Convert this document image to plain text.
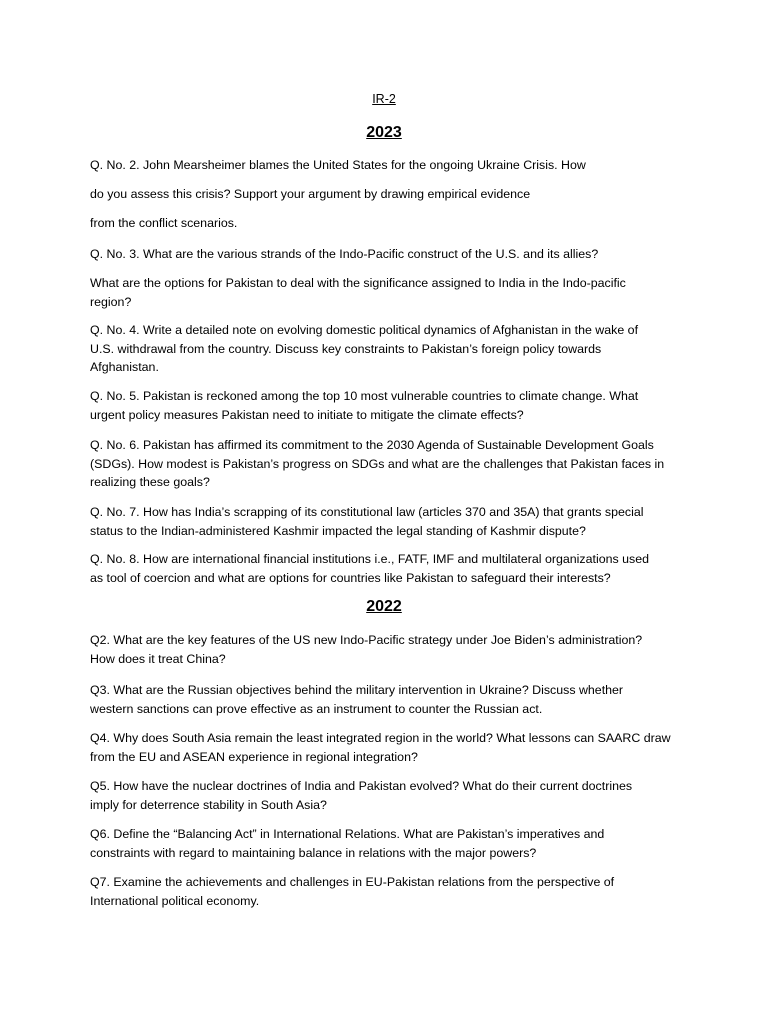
IR-2
2023
Q. No. 2. John Mearsheimer blames the United States for the ongoing Ukraine Crisis. How
do you assess this crisis? Support your argument by drawing empirical evidence
from the conflict scenarios.
Q. No. 3. What are the various strands of the Indo-Pacific construct of the U.S. and its allies?
What are the options for Pakistan to deal with the significance assigned to India in the Indo-pacific
region?
Q. No. 4. Write a detailed note on evolving domestic political dynamics of Afghanistan in the wake of
U.S. withdrawal from the country. Discuss key constraints to Pakistan’s foreign policy towards
Afghanistan.
Q. No. 5. Pakistan is reckoned among the top 10 most vulnerable countries to climate change. What
urgent policy measures Pakistan need to initiate to mitigate the climate effects?
Q. No. 6. Pakistan has affirmed its commitment to the 2030 Agenda of Sustainable Development Goals
(SDGs). How modest is Pakistan’s progress on SDGs and what are the challenges that Pakistan faces in
realizing these goals?
Q. No. 7. How has India’s scrapping of its constitutional law (articles 370 and 35A) that grants special
status to the Indian-administered Kashmir impacted the legal standing of Kashmir dispute?
Q. No. 8. How are international financial institutions i.e., FATF, IMF and multilateral organizations used
as tool of coercion and what are options for countries like Pakistan to safeguard their interests?
2022
Q2. What are the key features of the US new Indo-Pacific strategy under Joe Biden’s administration?
How does it treat China?
Q3. What are the Russian objectives behind the military intervention in Ukraine? Discuss whether
western sanctions can prove effective as an instrument to counter the Russian act.
Q4. Why does South Asia remain the least integrated region in the world? What lessons can SAARC draw
from the EU and ASEAN experience in regional integration?
Q5. How have the nuclear doctrines of India and Pakistan evolved? What do their current doctrines
imply for deterrence stability in South Asia?
Q6. Define the “Balancing Act” in International Relations. What are Pakistan’s imperatives and
constraints with regard to maintaining balance in relations with the major powers?
Q7. Examine the achievements and challenges in EU-Pakistan relations from the perspective of
International political economy.
